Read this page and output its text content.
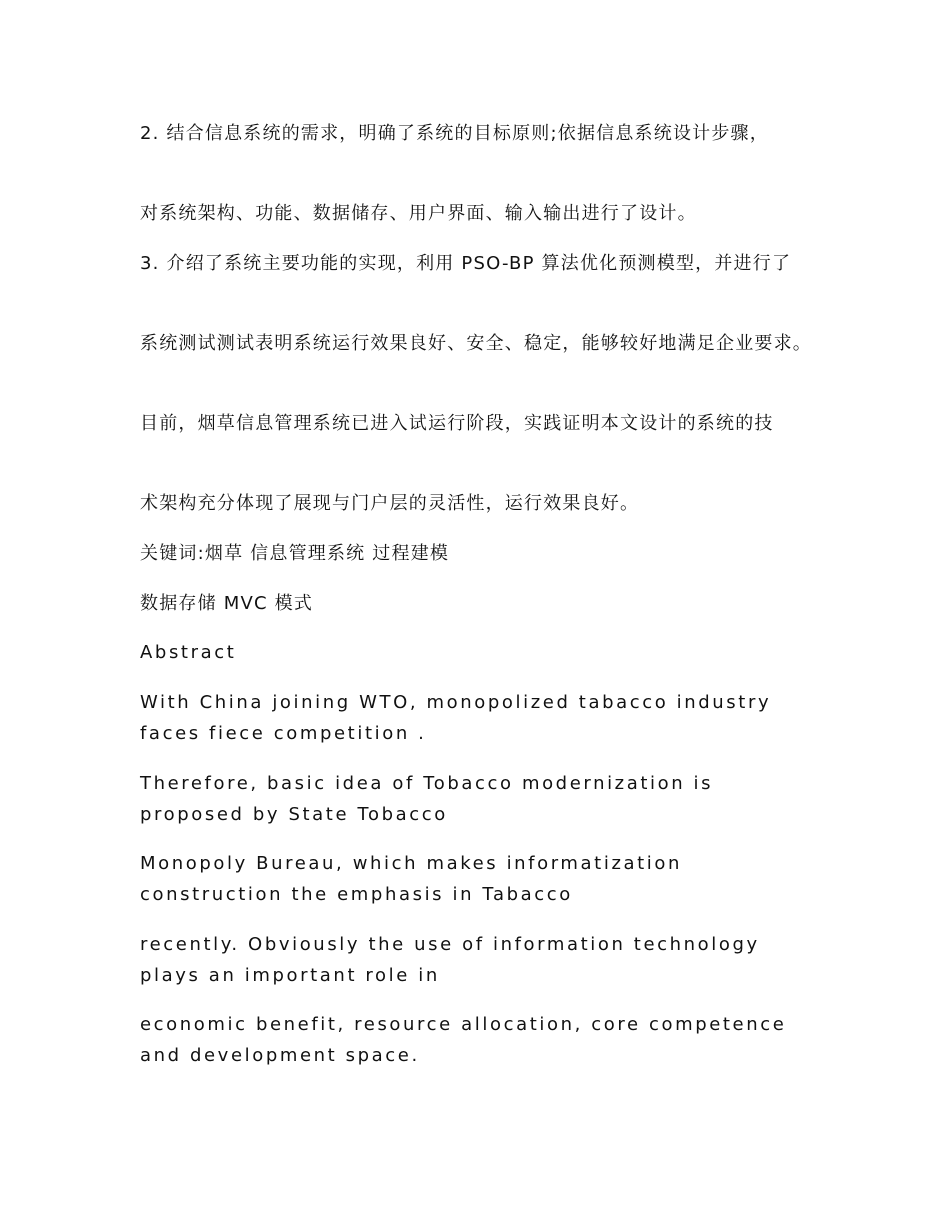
2. 结合信息系统的需求，明确了系统的目标原则;依据信息系统设计步骤，

对系统架构、功能、数据储存、用户界面、输入输出进行了设计。

3. 介绍了系统主要功能的实现，利用 PSO-BP 算法优化预测模型，并进行了

系统测试测试表明系统运行效果良好、安全、稳定，能够较好地满足企业要求。

目前，烟草信息管理系统已进入试运行阶段，实践证明本文设计的系统的技

术架构充分体现了展现与门户层的灵活性，运行效果良好。

关键词:烟草 信息管理系统 过程建模

数据存储 MVC 模式

Abstract

With China joining WTO, monopolized tabacco industry faces fiece competition .

Therefore, basic idea of Tobacco modernization is proposed by State Tobacco

Monopoly Bureau, which makes informatization construction the emphasis in Tabacco

recently. Obviously the use of information technology plays an important role in

economic benefit, resource allocation, core competence and development space.
